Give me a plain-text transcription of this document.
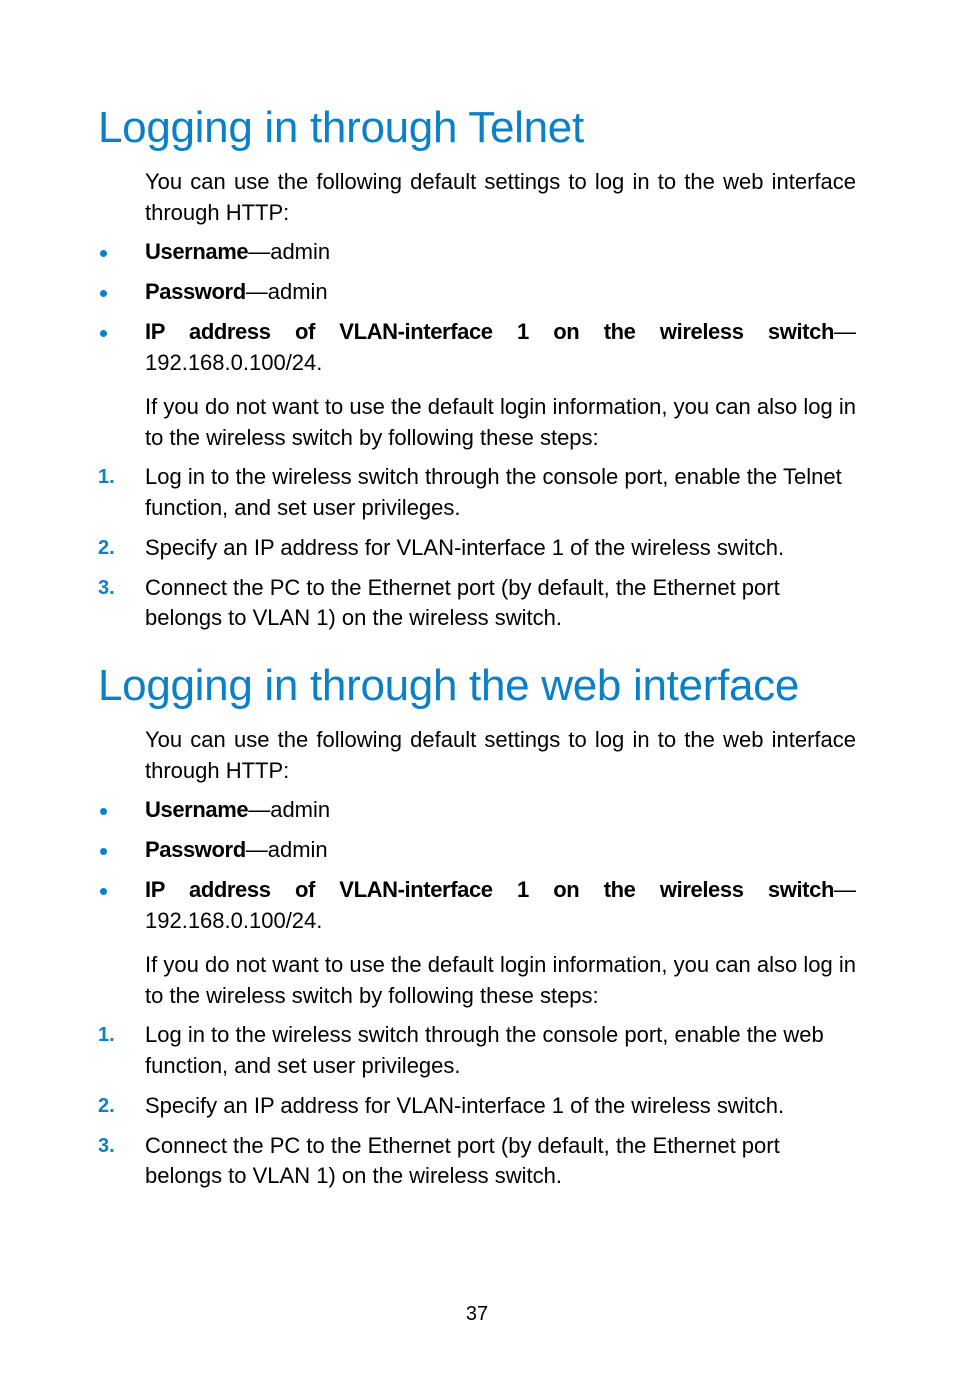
Logging in through Telnet

You can use the following default settings to log in to the web interface through HTTP:

Username—admin
Password—admin
IP address of VLAN-interface 1 on the wireless switch— 192.168.0.100/24.

If you do not want to use the default login information, you can also log in to the wireless switch by following these steps:

1. Log in to the wireless switch through the console port, enable the Telnet function, and set user privileges.
2. Specify an IP address for VLAN-interface 1 of the wireless switch.
3. Connect the PC to the Ethernet port (by default, the Ethernet port belongs to VLAN 1) on the wireless switch.
Logging in through the web interface

You can use the following default settings to log in to the web interface through HTTP:

Username—admin
Password—admin
IP address of VLAN-interface 1 on the wireless switch— 192.168.0.100/24.

If you do not want to use the default login information, you can also log in to the wireless switch by following these steps:

1. Log in to the wireless switch through the console port, enable the web function, and set user privileges.
2. Specify an IP address for VLAN-interface 1 of the wireless switch.
3. Connect the PC to the Ethernet port (by default, the Ethernet port belongs to VLAN 1) on the wireless switch.
37
